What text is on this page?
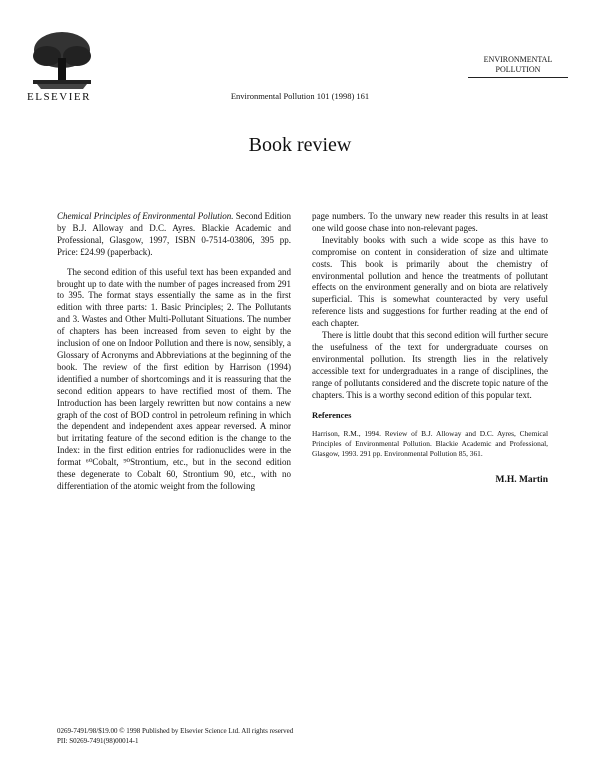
ELSEVIER	Environmental Pollution 101 (1998) 161
ENVIRONMENTAL
POLLUTION
Book review

Chemical Principles of Environmental Pollution. Second Edition by B.J. Alloway and D.C. Ayres. Blackie Academic and Professional, Glasgow, 1997, ISBN 0-7514-03806, 395 pp. Price: £24.99 (paperback).

The second edition of this useful text has been expanded and brought up to date with the number of pages increased from 291 to 395. The format stays essentially the same as in the first edition with three parts: 1. Basic Principles; 2. The Pollutants and 3. Wastes and Other Multi-Pollutant Situations. The number of chapters has been increased from seven to eight by the inclusion of one on Indoor Pollution and there is now, sensibly, a Glossary of Acronyms and Abbreviations at the beginning of the book. The review of the first edition by Harrison (1994) identified a number of shortcomings and it is reassuring that the second edition appears to have rectified most of them. The Introduction has been largely rewritten but now contains a new graph of the cost of BOD control in petroleum refining in which the dependent and independent axes appear reversed. A minor but irritating feature of the second edition is the change to the Index: in the first edition entries for radionuclides were in the format ⁶⁰Cobalt, ⁹⁰Strontium, etc., but in the second edition these degenerate to Cobalt 60, Strontium 90, etc., with no differentiation of the atomic weight from the following

page numbers. To the unwary new reader this results in at least one wild goose chase into non-relevant pages.

Inevitably books with such a wide scope as this have to compromise on content in consideration of size and ultimate costs. This book is primarily about the chemistry of environmental pollution and hence the treatments of pollutant effects on the environment generally and on biota are relatively superficial. This is somewhat counteracted by very useful reference lists and suggestions for further reading at the end of each chapter.

There is little doubt that this second edition will further secure the usefulness of the text for undergraduate courses on environmental pollution. Its strength lies in the relatively accessible text for undergraduates in a range of disciplines, the range of pollutants considered and the discrete topic nature of the chapters. This is a worthy second edition of this popular text.

References

Harrison, R.M., 1994. Review of B.J. Alloway and D.C. Ayres, Chemical Principles of Environmental Pollution. Blackie Academic and Professional, Glasgow, 1993. 291 pp. Environmental Pollution 85, 361.

M.H. Martin
0269-7491/98/$19.00 © 1998 Published by Elsevier Science Ltd. All rights reserved
PII: S0269-7491(98)00014-1
